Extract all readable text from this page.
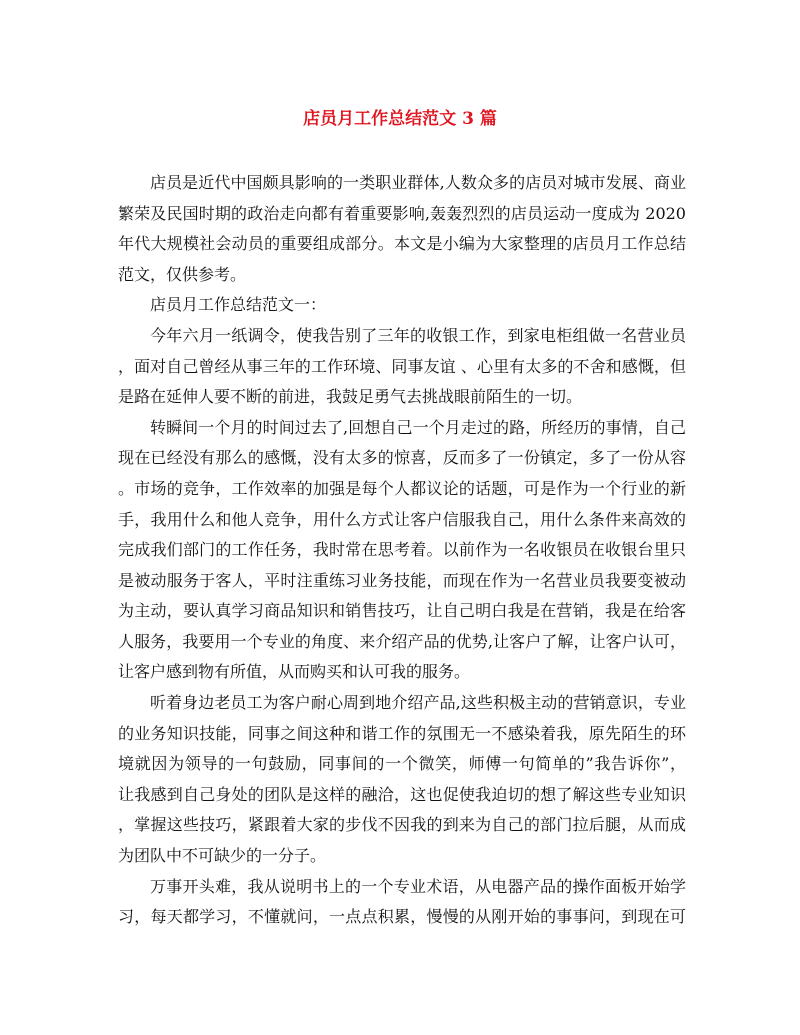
店员月工作总结范文 3 篇

店员是近代中国颇具影响的一类职业群体,人数众多的店员对城市发展、商业

繁荣及民国时期的政治走向都有着重要影响,轰轰烈烈的店员运动一度成为 2020

年代大规模社会动员的重要组成部分。本文是小编为大家整理的店员月工作总结

范文，仅供参考。

店员月工作总结范文一：

今年六月一纸调令，使我告别了三年的收银工作，到家电柜组做一名营业员

，面对自己曾经从事三年的工作环境、同事友谊 、心里有太多的不舍和感慨，但

是路在延伸人要不断的前进，我鼓足勇气去挑战眼前陌生的一切。

转瞬间一个月的时间过去了,回想自己一个月走过的路，所经历的事情，自己

现在已经没有那么的感慨，没有太多的惊喜，反而多了一份镇定，多了一份从容

。市场的竞争，工作效率的加强是每个人都议论的话题，可是作为一个行业的新

手，我用什么和他人竞争，用什么方式让客户信服我自己，用什么条件来高效的

完成我们部门的工作任务，我时常在思考着。以前作为一名收银员在收银台里只

是被动服务于客人，平时注重练习业务技能，而现在作为一名营业员我要变被动

为主动，要认真学习商品知识和销售技巧，让自己明白我是在营销，我是在给客

人服务，我要用一个专业的角度、来介绍产品的优势,让客户了解，让客户认可，

让客户感到物有所值，从而购买和认可我的服务。

听着身边老员工为客户耐心周到地介绍产品,这些积极主动的营销意识，专业

的业务知识技能，同事之间这种和谐工作的氛围无一不感染着我，原先陌生的环

境就因为领导的一句鼓励，同事间的一个微笑，师傅一句简单的”我告诉你”，

让我感到自己身处的团队是这样的融洽，这也促使我迫切的想了解这些专业知识

，掌握这些技巧，紧跟着大家的步伐不因我的到来为自己的部门拉后腿，从而成

为团队中不可缺少的一分子。

万事开头难，我从说明书上的一个专业术语，从电器产品的操作面板开始学

习，每天都学习，不懂就问，一点点积累，慢慢的从刚开始的事事问，到现在可
